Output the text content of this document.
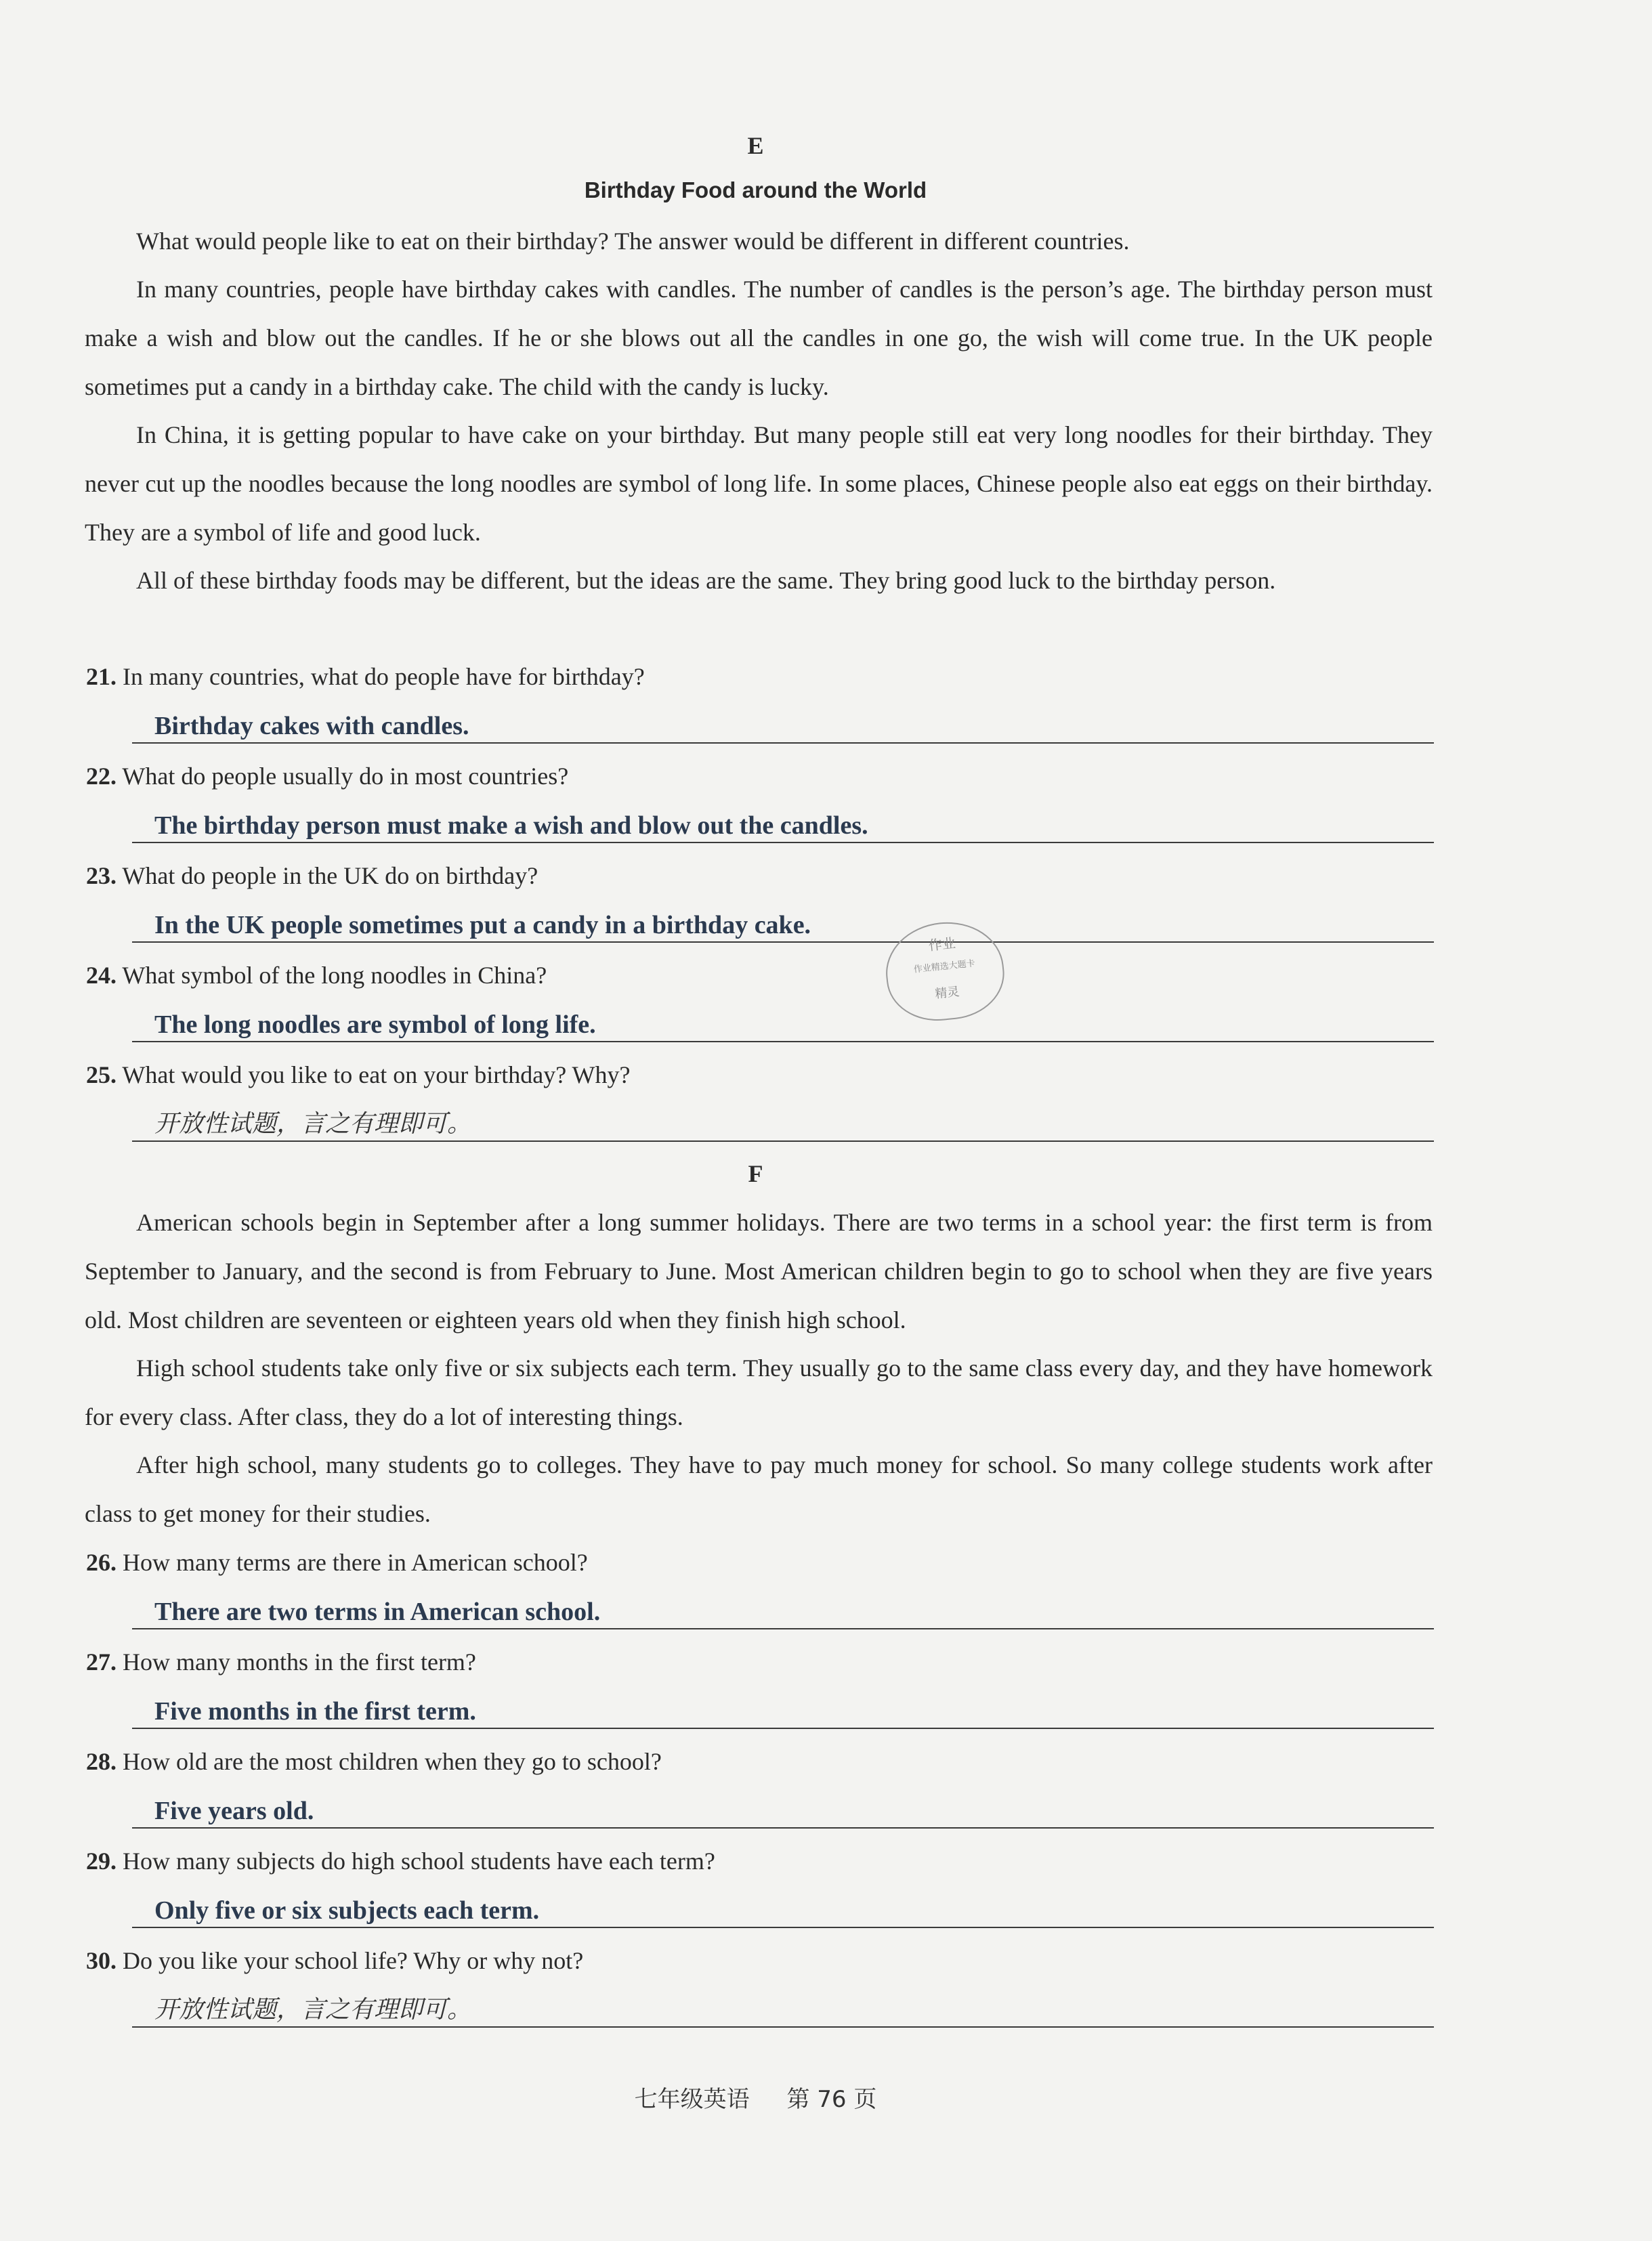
E
Birthday Food around the World

What would people like to eat on their birthday? The answer would be different in different countries.

In many countries, people have birthday cakes with candles. The number of candles is the person’s age. The birthday person must make a wish and blow out the candles. If he or she blows out all the candles in one go, the wish will come true. In the UK people sometimes put a candy in a birthday cake. The child with the candy is lucky.

In China, it is getting popular to have cake on your birthday. But many people still eat very long noodles for their birthday. They never cut up the noodles because the long noodles are symbol of long life. In some places, Chinese people also eat eggs on their birthday. They are a symbol of life and good luck.

All of these birthday foods may be different, but the ideas are the same. They bring good luck to the birthday person.

21. In many countries, what do people have for birthday?

Birthday cakes with candles.

22. What do people usually do in most countries?

The birthday person must make a wish and blow out the candles.

23. What do people in the UK do on birthday?

In the UK people sometimes put a candy in a birthday cake.

24. What symbol of the long noodles in China?

The long noodles are symbol of long life.

25. What would you like to eat on your birthday? Why?

开放性试题，言之有理即可。
作业
作业精选大题卡
精灵
F

American schools begin in September after a long summer holidays. There are two terms in a school year: the first term is from September to January, and the second is from February to June. Most American children begin to go to school when they are five years old. Most children are seventeen or eighteen years old when they finish high school.

High school students take only five or six subjects each term. They usually go to the same class every day, and they have homework for every class. After class, they do a lot of interesting things.

After high school, many students go to colleges. They have to pay much money for school. So many college students work after class to get money for their studies.

26. How many terms are there in American school?

There are two terms in American school.

27. How many months in the first term?

Five months in the first term.

28. How old are the most children when they go to school?

Five years old.

29. How many subjects do high school students have each term?

Only five or six subjects each term.

30. Do you like your school life? Why or why not?

开放性试题，言之有理即可。
七年级英语 第 76 页
